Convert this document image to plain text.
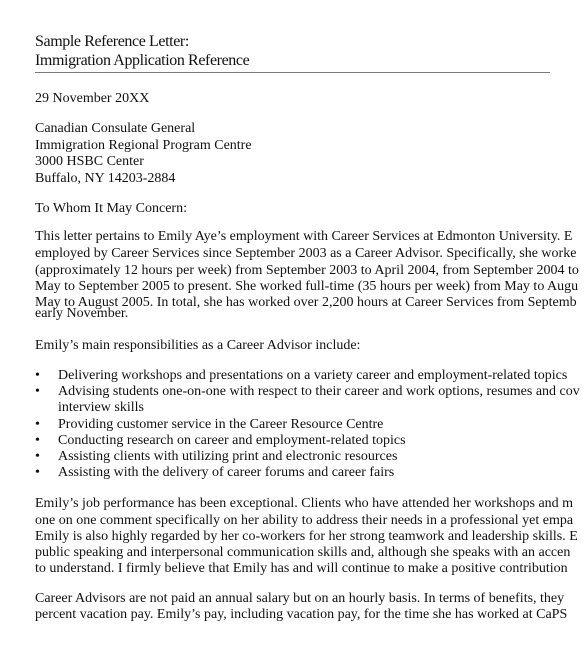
Sample Reference Letter:
Immigration Application Reference
29 November 20XX
Canadian Consulate General
Immigration Regional Program Centre
3000 HSBC Center
Buffalo, NY 14203-2884
To Whom It May Concern:
This letter pertains to Emily Aye’s employment with Career Services at Edmonton University. E
employed by Career Services since September 2003 as a Career Advisor. Specifically, she worke
(approximately 12 hours per week) from September 2003 to April 2004, from September 2004 to
May to September 2005 to present. She worked full-time (35 hours per week) from May to Augu
May to August 2005. In total, she has worked over 2,200 hours at Career Services from Septemb
early November.
Emily’s main responsibilities as a Career Advisor include:
• Delivering workshops and presentations on a variety career and employment-related topics
• Advising students one-on-one with respect to their career and work options, resumes and cov
interview skills
• Providing customer service in the Career Resource Centre
• Conducting research on career and employment-related topics
• Assisting clients with utilizing print and electronic resources
• Assisting with the delivery of career forums and career fairs
Emily’s job performance has been exceptional. Clients who have attended her workshops and m
one on one comment specifically on her ability to address their needs in a professional yet empa
Emily is also highly regarded by her co-workers for her strong teamwork and leadership skills. E
public speaking and interpersonal communication skills and, although she speaks with an accen
to understand. I firmly believe that Emily has and will continue to make a positive contribution
Career Advisors are not paid an annual salary but on an hourly basis. In terms of benefits, they
percent vacation pay. Emily’s pay, including vacation pay, for the time she has worked at CaPS
